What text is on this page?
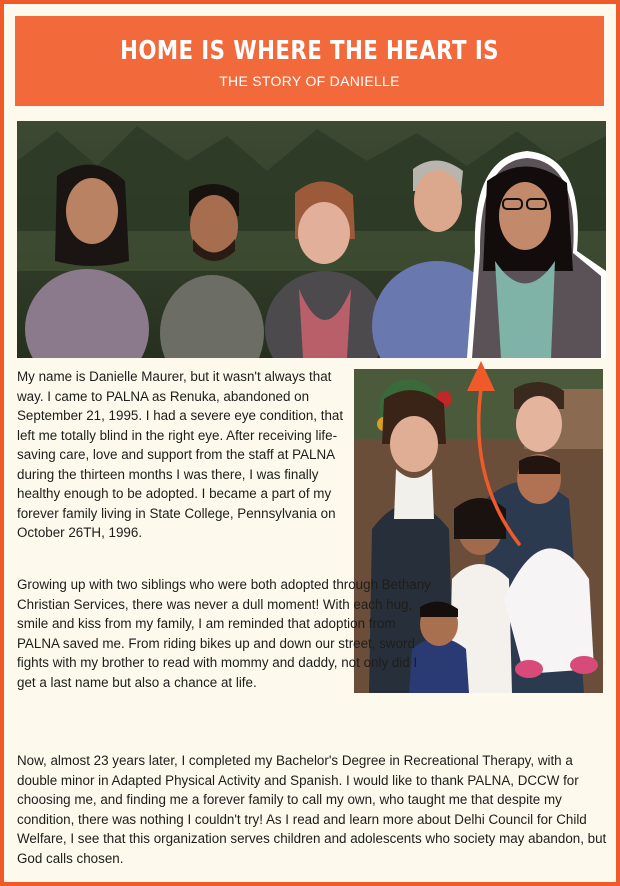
HOME IS WHERE THE HEART IS
THE STORY OF DANIELLE

My name is Danielle Maurer, but it wasn't always that way. I came to PALNA as Renuka, abandoned on September 21, 1995. I had a severe eye condition, that left me totally blind in the right eye. After receiving life-saving care, love and support from the staff at PALNA during the thirteen months I was there, I was finally healthy enough to be adopted. I became a part of my forever family living in State College, Pennsylvania on October 26TH, 1996.

Growing up with two siblings who were both adopted through Bethany Christian Services, there was never a dull moment! With each hug, smile and kiss from my family, I am reminded that adoption from PALNA saved me. From riding bikes up and down our street, sword fights with my brother to read with mommy and daddy, not only did I get a last name but also a chance at life.

Now, almost 23 years later, I completed my Bachelor's Degree in Recreational Therapy, with a double minor in Adapted Physical Activity and Spanish. I would like to thank PALNA, DCCW for choosing me, and finding me a forever family to call my own, who taught me that despite my condition, there was nothing I couldn't try! As I read and learn more about Delhi Council for Child Welfare, I see that this organization serves children and adolescents who society may abandon, but God calls chosen.
